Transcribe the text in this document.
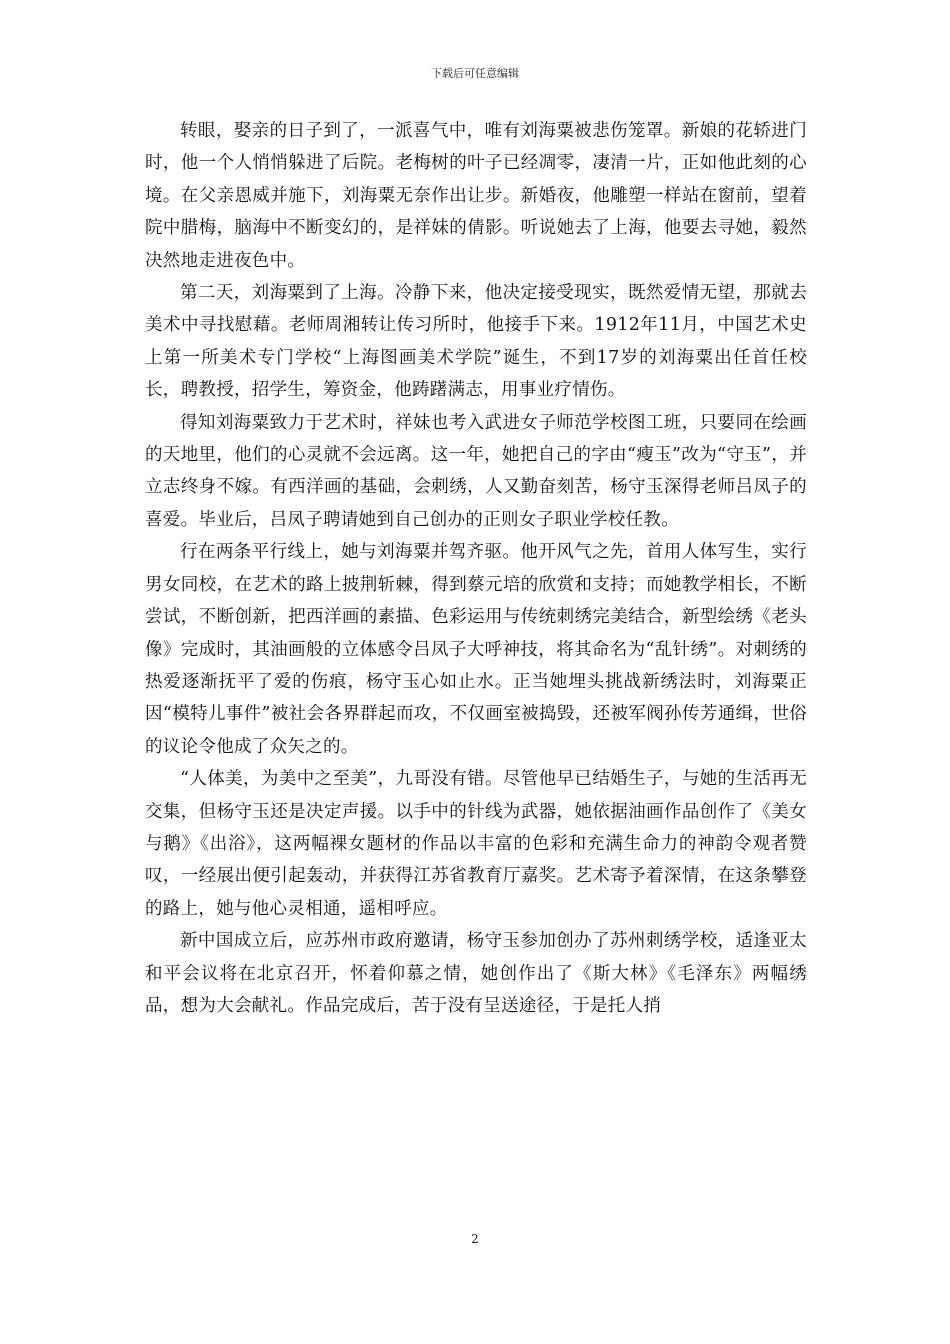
下载后可任意编辑

转眼，娶亲的日子到了，一派喜气中，唯有刘海粟被悲伤笼罩。新娘的花轿进门时，他一个人悄悄躲进了后院。老梅树的叶子已经凋零，凄清一片，正如他此刻的心境。在父亲恩威并施下，刘海粟无奈作出让步。新婚夜，他雕塑一样站在窗前，望着院中腊梅，脑海中不断变幻的，是祥妹的倩影。听说她去了上海，他要去寻她，毅然决然地走进夜色中。

第二天，刘海粟到了上海。冷静下来，他决定接受现实，既然爱情无望，那就去美术中寻找慰藉。老师周湘转让传习所时，他接手下来。1912年11月，中国艺术史上第一所美术专门学校“上海图画美术学院”诞生，不到17岁的刘海粟出任首任校长，聘教授，招学生，筹资金，他踌躇满志，用事业疗情伤。

得知刘海粟致力于艺术时，祥妹也考入武进女子师范学校图工班，只要同在绘画的天地里，他们的心灵就不会远离。这一年，她把自己的字由“瘦玉”改为“守玉”，并立志终身不嫁。有西洋画的基础，会刺绣，人又勤奋刻苦，杨守玉深得老师吕凤子的喜爱。毕业后，吕凤子聘请她到自己创办的正则女子职业学校任教。

行在两条平行线上，她与刘海粟并驾齐驱。他开风气之先，首用人体写生，实行男女同校，在艺术的路上披荆斩棘，得到蔡元培的欣赏和支持；而她教学相长，不断尝试，不断创新，把西洋画的素描、色彩运用与传统刺绣完美结合，新型绘绣《老头像》完成时，其油画般的立体感令吕凤子大呼神技，将其命名为“乱针绣”。对刺绣的热爱逐渐抚平了爱的伤痕，杨守玉心如止水。正当她埋头挑战新绣法时，刘海粟正因“模特儿事件”被社会各界群起而攻，不仅画室被捣毁，还被军阀孙传芳通缉，世俗的议论令他成了众矢之的。

“人体美，为美中之至美”，九哥没有错。尽管他早已结婚生子，与她的生活再无交集，但杨守玉还是决定声援。以手中的针线为武器，她依据油画作品创作了《美女与鹅》《出浴》，这两幅裸女题材的作品以丰富的色彩和充满生命力的神韵令观者赞叹，一经展出便引起轰动，并获得江苏省教育厅嘉奖。艺术寄予着深情，在这条攀登的路上，她与他心灵相通，遥相呼应。

新中国成立后，应苏州市政府邀请，杨守玉参加创办了苏州刺绣学校，适逢亚太和平会议将在北京召开，怀着仰慕之情，她创作出了《斯大林》《毛泽东》两幅绣品，想为大会献礼。作品完成后，苦于没有呈送途径，于是托人捎

2
